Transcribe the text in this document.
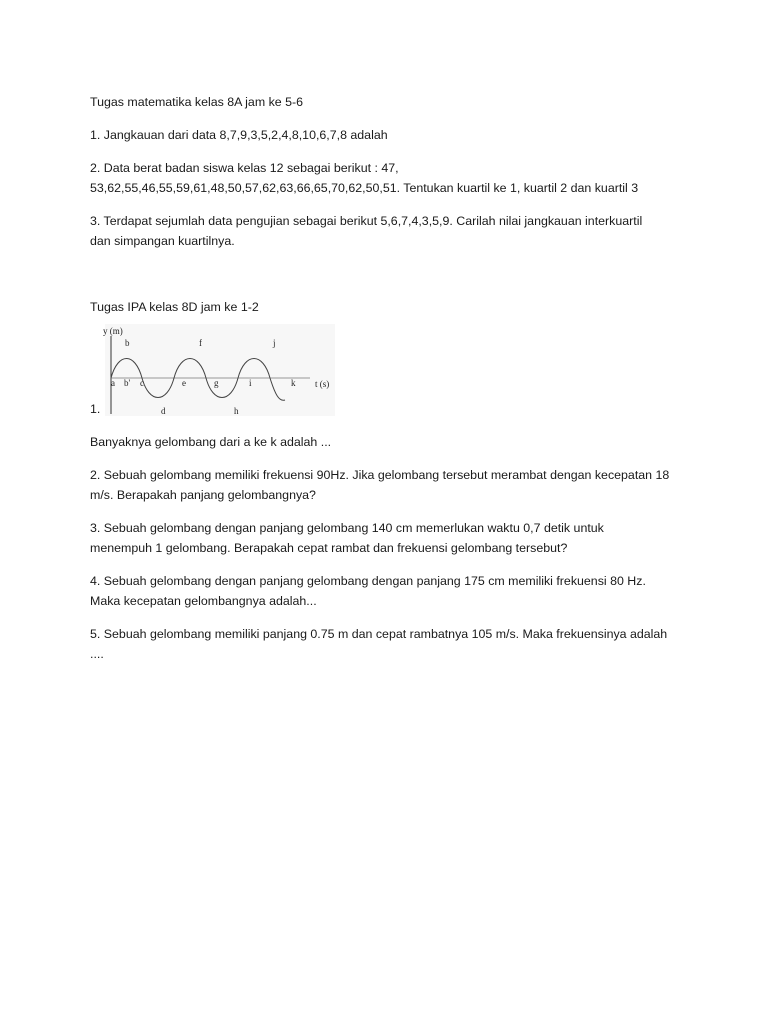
Tugas matematika kelas 8A jam ke 5-6

1. Jangkauan dari data 8,7,9,3,5,2,4,8,10,6,7,8 adalah

2. Data berat badan siswa kelas 12 sebagai berikut : 47,
53,62,55,46,55,59,61,48,50,57,62,63,66,65,70,62,50,51. Tentukan kuartil ke 1, kuartil 2 dan kuartil 3

3. Terdapat sejumlah data pengujian sebagai berikut 5,6,7,4,3,5,9. Carilah nilai jangkauan interkuartil
dan simpangan kuartilnya.

Tugas IPA kelas 8D jam ke 1-2

1.
y (m)
t (s)
a
b
b' c
d
e
f
g
h
i
j
k

Banyaknya gelombang dari a ke k adalah ...

2. Sebuah gelombang memiliki frekuensi 90Hz. Jika gelombang tersebut merambat dengan kecepatan 18
m/s. Berapakah panjang gelombangnya?

3. Sebuah gelombang dengan panjang gelombang 140 cm memerlukan waktu 0,7 detik untuk
menempuh 1 gelombang. Berapakah cepat rambat dan frekuensi gelombang tersebut?

4. Sebuah gelombang dengan panjang gelombang dengan panjang 175 cm memiliki frekuensi 80 Hz.
Maka kecepatan gelombangnya adalah...

5. Sebuah gelombang memiliki panjang 0.75 m dan cepat rambatnya 105 m/s. Maka frekuensinya adalah
....
